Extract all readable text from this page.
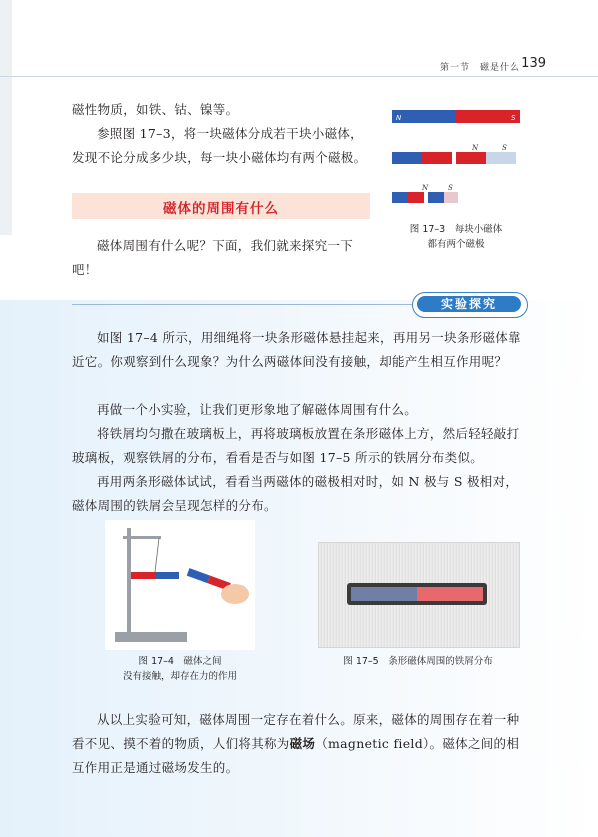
第一节　磁是什么 139
磁性物质，如铁、钴、镍等。
参照图 17–3，将一块磁体分成若干块小磁体，发现不论分成多少块，每一块小磁体均有两个磁极。
N	S
N	S
N	S
图 17–3　每块小磁体
都有两个磁极
磁体的周围有什么
磁体周围有什么呢？下面，我们就来探究一下吧！
实验探究
如图 17–4 所示，用细绳将一块条形磁体悬挂起来，再用另一块条形磁体靠近它。你观察到什么现象？为什么两磁体间没有接触，却能产生相互作用呢？
再做一个小实验，让我们更形象地了解磁体周围有什么。
将铁屑均匀撒在玻璃板上，再将玻璃板放置在条形磁体上方，然后轻轻敲打玻璃板，观察铁屑的分布，看看是否与如图 17–5 所示的铁屑分布类似。
再用两条形磁体试试，看看当两磁体的磁极相对时，如 N 极与 S 极相对，磁体周围的铁屑会呈现怎样的分布。
图 17–4　磁体之间
没有接触，却存在力的作用
图 17–5　条形磁体周围的铁屑分布
从以上实验可知，磁体周围一定存在着什么。原来，磁体的周围存在着一种看不见、摸不着的物质，人们将其称为磁场（magnetic field）。磁体之间的相互作用正是通过磁场发生的。
